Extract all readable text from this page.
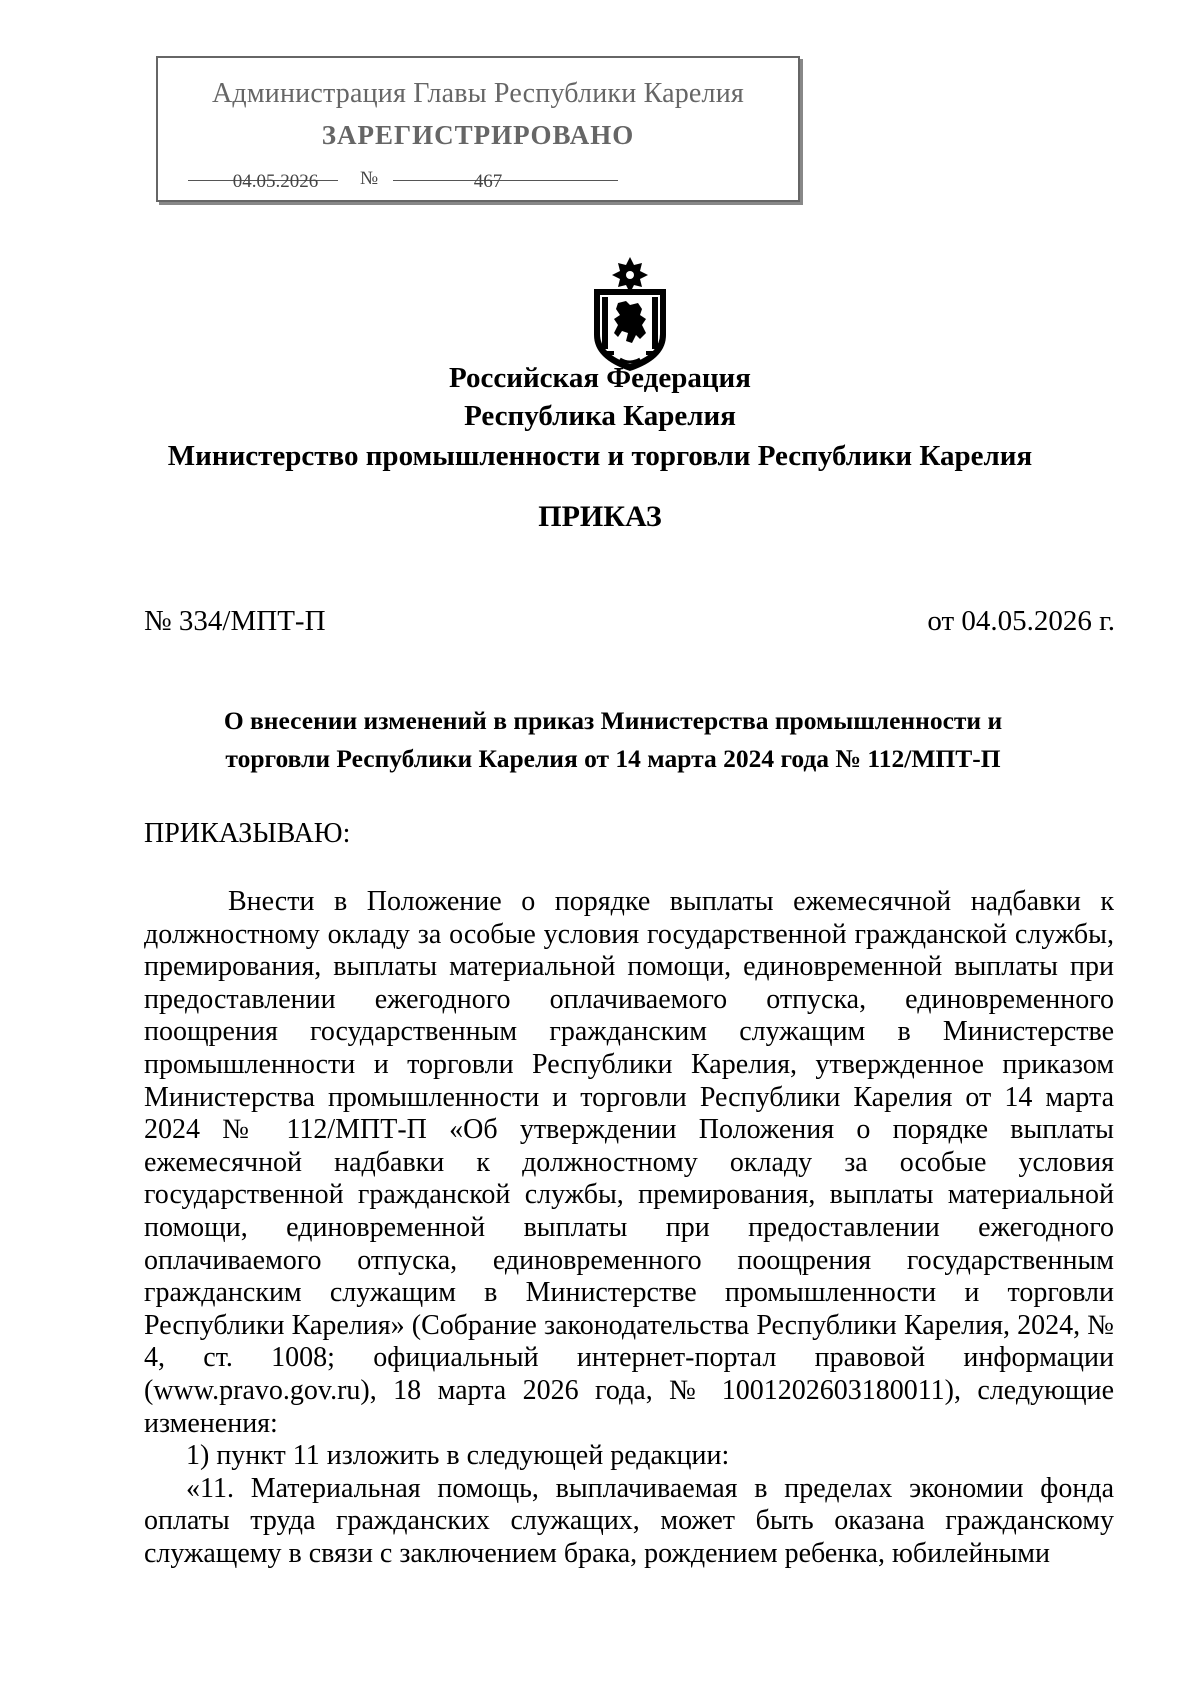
Администрация Главы Республики Карелия
ЗАРЕГИСТРИРОВАНО
04.05.2026	№	467
Российская Федерация
Республика Карелия
Министерство промышленности и торговли Республики Карелия
ПРИКАЗ
№ 334/МПТ-П	от 04.05.2026 г.
О внесении изменений в приказ Министерства промышленности и
торговли Республики Карелия от 14 марта 2024 года № 112/МПТ-П
ПРИКАЗЫВАЮ:

Внести в Положение о порядке выплаты ежемесячной надбавки к должностному окладу за особые условия государственной гражданской службы, премирования, выплаты материальной помощи, единовременной выплаты при предоставлении ежегодного оплачиваемого отпуска, единовременного поощрения государственным гражданским служащим в Министерстве промышленности и торговли Республики Карелия, утвержденное приказом Министерства промышленности и торговли Республики Карелия от 14 марта 2024 № 112/МПТ-П «Об утверждении Положения о порядке выплаты ежемесячной надбавки к должностному окладу за особые условия государственной гражданской службы, премирования, выплаты материальной помощи, единовременной выплаты при предоставлении ежегодного оплачиваемого отпуска, единовременного поощрения государственным гражданским служащим в Министерстве промышленности и торговли Республики Карелия» (Собрание законодательства Республики Карелия, 2024, № 4, ст. 1008; официальный интернет-портал правовой информации (www.pravo.gov.ru), 18 марта 2026 года, № 1001202603180011), следующие изменения:

1) пункт 11 изложить в следующей редакции:

«11. Материальная помощь, выплачиваемая в пределах экономии фонда оплаты труда гражданских служащих, может быть оказана гражданскому служащему в связи с заключением брака, рождением ребенка, юбилейными
